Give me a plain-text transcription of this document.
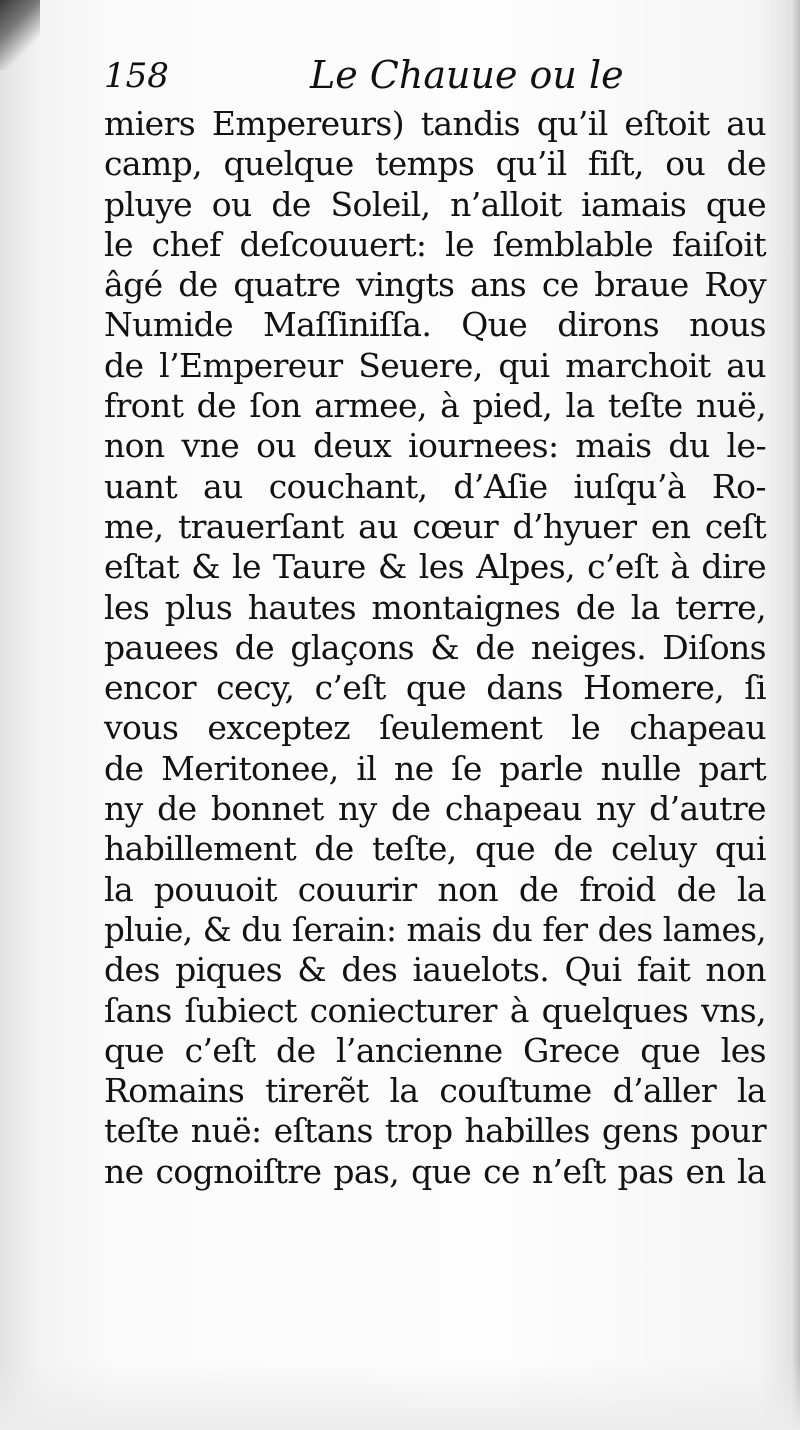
158	Le Chauue ou le
miers Empereurs) tandis qu’il eſtoit au
camp, quelque temps qu’il fiſt, ou de
pluye ou de Soleil, n’alloit iamais que
le chef deſcouuert: le ſemblable faiſoit
âgé de quatre vingts ans ce braue Roy
Numide Maſſiniſſa. Que dirons nous
de l’Empereur Seuere, qui marchoit au
front de ſon armee, à pied, la teſte nuë,
non vne ou deux iournees: mais du le-
uant au couchant, d’Aſie iuſqu’à Ro-
me, trauerſant au cœur d’hyuer en ceſt
eſtat & le Taure & les Alpes, c’eſt à dire
les plus hautes montaignes de la terre,
pauees de glaçons & de neiges. Diſons
encor cecy, c’eſt que dans Homere, ſi
vous exceptez ſeulement le chapeau
de Meritonee, il ne ſe parle nulle part
ny de bonnet ny de chapeau ny d’autre
habillement de teſte, que de celuy qui
la pouuoit couurir non de froid de la
pluie, & du ſerain: mais du fer des lames,
des piques & des iauelots. Qui fait non
ſans ſubiect coniecturer à quelques vns,
que c’eſt de l’ancienne Grece que les
Romains tirerẽt la couſtume d’aller la
teſte nuë: eſtans trop habilles gens pour
ne cognoiſtre pas, que ce n’eſt pas en la
